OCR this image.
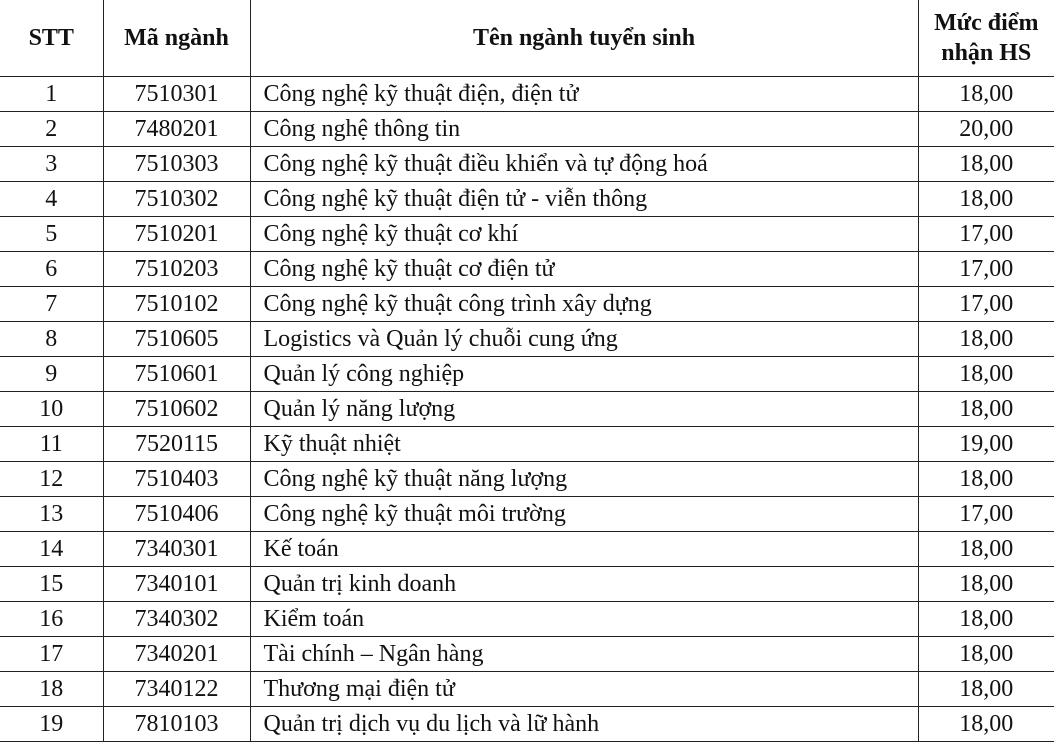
STT	Mã ngành	Tên ngành tuyển sinh	Mức điểm
nhận HS

1	7510301	Công nghệ kỹ thuật điện, điện tử	18,00
2	7480201	Công nghệ thông tin	20,00
3	7510303	Công nghệ kỹ thuật điều khiển và tự động hoá	18,00
4	7510302	Công nghệ kỹ thuật điện tử - viễn thông	18,00
5	7510201	Công nghệ kỹ thuật cơ khí	17,00
6	7510203	Công nghệ kỹ thuật cơ điện tử	17,00
7	7510102	Công nghệ kỹ thuật công trình xây dựng	17,00
8	7510605	Logistics và Quản lý chuỗi cung ứng	18,00
9	7510601	Quản lý công nghiệp	18,00
10	7510602	Quản lý năng lượng	18,00
11	7520115	Kỹ thuật nhiệt	19,00
12	7510403	Công nghệ kỹ thuật năng lượng	18,00
13	7510406	Công nghệ kỹ thuật môi trường	17,00
14	7340301	Kế toán	18,00
15	7340101	Quản trị kinh doanh	18,00
16	7340302	Kiểm toán	18,00
17	7340201	Tài chính – Ngân hàng	18,00
18	7340122	Thương mại điện tử	18,00
19	7810103	Quản trị dịch vụ du lịch và lữ hành	18,00
